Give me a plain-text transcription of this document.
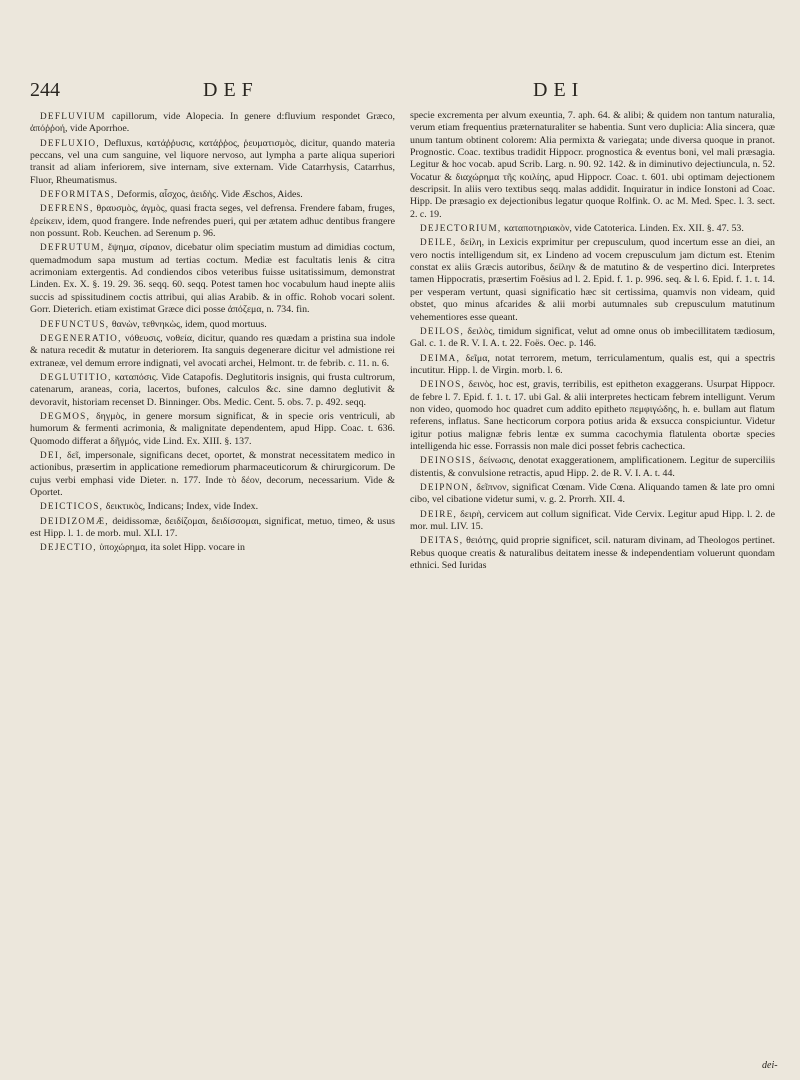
244	DEF	DEI

DEFLUVIUM capillorum, vide Alopecia. In genere d:fluvium respondet Græco, ἀπόῤῥοή, vide Aporrhoe.

DEFLUXIO, Defluxus, κατάῤῥυσις, κατάῤῥος, ῥευματισμὸς, dicitur, quando materia peccans, vel una cum sanguine, vel liquore nervoso, aut lympha a parte aliqua superiori transit ad aliam inferiorem, sive internam, sive externam. Vide Catarrhysis, Catarrhus, Fluor, Rheumatismus.

DEFORMITAS, Deformis, αἶσχος, ἀειδὴς. Vide Æschos, Aides.

DEFRENS, θραυσμὸς, ἀγμὸς, quasi fracta seges, vel defrensa. Frendere fabam, fruges, ἐρείκειν, idem, quod frangere. Inde nefrendes pueri, qui per ætatem adhuc dentibus frangere non possunt. Rob. Keuchen. ad Serenum p. 96.

DEFRUTUM, ἕψημα, σίραιον, dicebatur olim speciatim mustum ad dimidias coctum, quemadmodum sapa mustum ad tertias coctum. Mediæ est facultatis lenis & citra acrimoniam extergentis. Ad condiendos cibos veteribus fuisse usitatissimum, demonstrat Linden. Ex. X. §. 19. 29. 36. seqq. 60. seqq. Potest tamen hoc vocabulum haud inepte aliis succis ad spissitudinem coctis attribui, qui alias Arabib. & in offic. Rohob vocari solent. Gorr. Dieterich. etiam existimat Græce dici posse ἀπόζεμα, n. 734. fin.

DEFUNCTUS, θανὼν, τεθνηκὼς, idem, quod mortuus.

DEGENERATIO, νόθευσις, νοθεία, dicitur, quando res quædam a pristina sua indole & natura recedit & mutatur in deteriorem. Ita sanguis degenerare dicitur vel admistione rei extraneæ, vel demum errore indignati, vel avocati archei, Helmont. tr. de febrib. c. 11. n. 6.

DEGLUTITIO, καταπόσις. Vide Catapofis. Deglutitoris insignis, qui frusta cultrorum, catenarum, araneas, coria, lacertos, bufones, calculos &c. sine damno deglutivit & devoravit, historiam recenset D. Binninger. Obs. Medic. Cent. 5. obs. 7. p. 492. seqq.

DEGMOS, δηγμὸς, in genere morsum significat, & in specie oris ventriculi, ab humorum & fermenti acrimonia, & malignitate dependentem, apud Hipp. Coac. t. 636. Quomodo differat a δῆγμός, vide Lind. Ex. XIII. §. 137.

DEI, δεῖ, impersonale, significans decet, oportet, & monstrat necessitatem medico in actionibus, præsertim in applicatione remediorum pharmaceuticorum & chirurgicorum. De cujus verbi emphasi vide Dieter. n. 177. Inde τὸ δέον, decorum, necessarium. Vide & Oportet.

DEICTICOS, δεικτικὸς, Indicans; Index, vide Index.

DEIDIZOMÆ, deidissomæ, δειδίζομαι, δειδίσσομαι, significat, metuo, timeo, & usus est Hipp. l. 1. de morb. mul. XLI. 17.

DEJECTIO, ὑποχώρημα, ita solet Hipp. vocare in

specie excrementa per alvum exeuntia, 7. aph. 64. & alibi; & quidem non tantum naturalia, verum etiam frequentius præternaturaliter se habentia. Sunt vero duplicia: Alia sincera, quæ unum tantum obtinent colorem: Alia permixta & variegata; unde diversa quoque in pranot. Prognostic. Coac. textibus tradidit Hippocr. prognostica & eventus boni, vel mali præsagia. Legitur & hoc vocab. apud Scrib. Larg. n. 90. 92. 142. & in diminutivo dejectiuncula, n. 52. Vocatur & διαχώρημα τῆς κοιλίης, apud Hippocr. Coac. t. 601. ubi optimam dejectionem descripsit. In aliis vero textibus seqq. malas addidit. Inquiratur in indice Ionstoni ad Coac. Hipp. De præsagio ex dejectionibus legatur quoque Rolfink. O. ac M. Med. Spec. l. 3. sect. 2. c. 19.

DEJECTORIUM, καταποτηριακὸν, vide Catoterica. Linden. Ex. XII. §. 47. 53.

DEILE, δείλη, in Lexicis exprimitur per crepusculum, quod incertum esse an diei, an vero noctis intelligendum sit, ex Lindeno ad vocem crepusculum jam dictum est. Etenim constat ex aliis Græcis autoribus, δείλην & de matutino & de vespertino dici. Interpretes tamen Hippocratis, præsertim Foësius ad l. 2. Epid. f. 1. p. 996. seq. & l. 6. Epid. f. 1. t. 14. per vesperam vertunt, quasi significatio hæc sit certissima, quamvis non videam, quid obstet, quo minus afcarides & alii morbi autumnales sub crepusculum matutinum vehementiores esse queant.

DEILOS, δειλὸς, timidum significat, velut ad omne onus ob imbecillitatem tædiosum, Gal. c. 1. de R. V. I. A. t. 22. Foës. Oec. p. 146.

DEIMA, δεῖμα, notat terrorem, metum, terriculamentum, qualis est, qui a spectris incutitur. Hipp. l. de Virgin. morb. l. 6.

DEINOS, δεινὸς, hoc est, gravis, terribilis, est epitheton exaggerans. Usurpat Hippocr. de febre l. 7. Epid. f. 1. t. 17. ubi Gal. & alii interpretes hecticam febrem intelligunt. Verum non video, quomodo hoc quadret cum addito epitheto πεμφιγώδης, h. e. bullam aut flatum referens, inflatus. Sane hecticorum corpora potius arida & exsucca conspiciuntur. Videtur igitur potius malignæ febris lentæ ex summa cacochymia flatulenta obortæ species intelligenda hic esse. Forrassis non male dici posset febris cachectica.

DEINOSIS, δείνωσις, denotat exaggerationem, amplificationem. Legitur de superciliis distentis, & convulsione retractis, apud Hipp. 2. de R. V. I. A. t. 44.

DEIPNON, δεῖπνον, significat Cœnam. Vide Cœna. Aliquando tamen & late pro omni cibo, vel cibatione videtur sumi, v. g. 2. Prorrh. XII. 4.

DEIRE, δειρὴ, cervicem aut collum significat. Vide Cervix. Legitur apud Hipp. l. 2. de mor. mul. LIV. 15.

DEITAS, θειότης, quid proprie significet, scil. naturam divinam, ad Theologos pertinet. Rebus quoque creatis & naturalibus deitatem inesse & independentiam voluerunt quondam ethnici. Sed Iuridas

dei-
